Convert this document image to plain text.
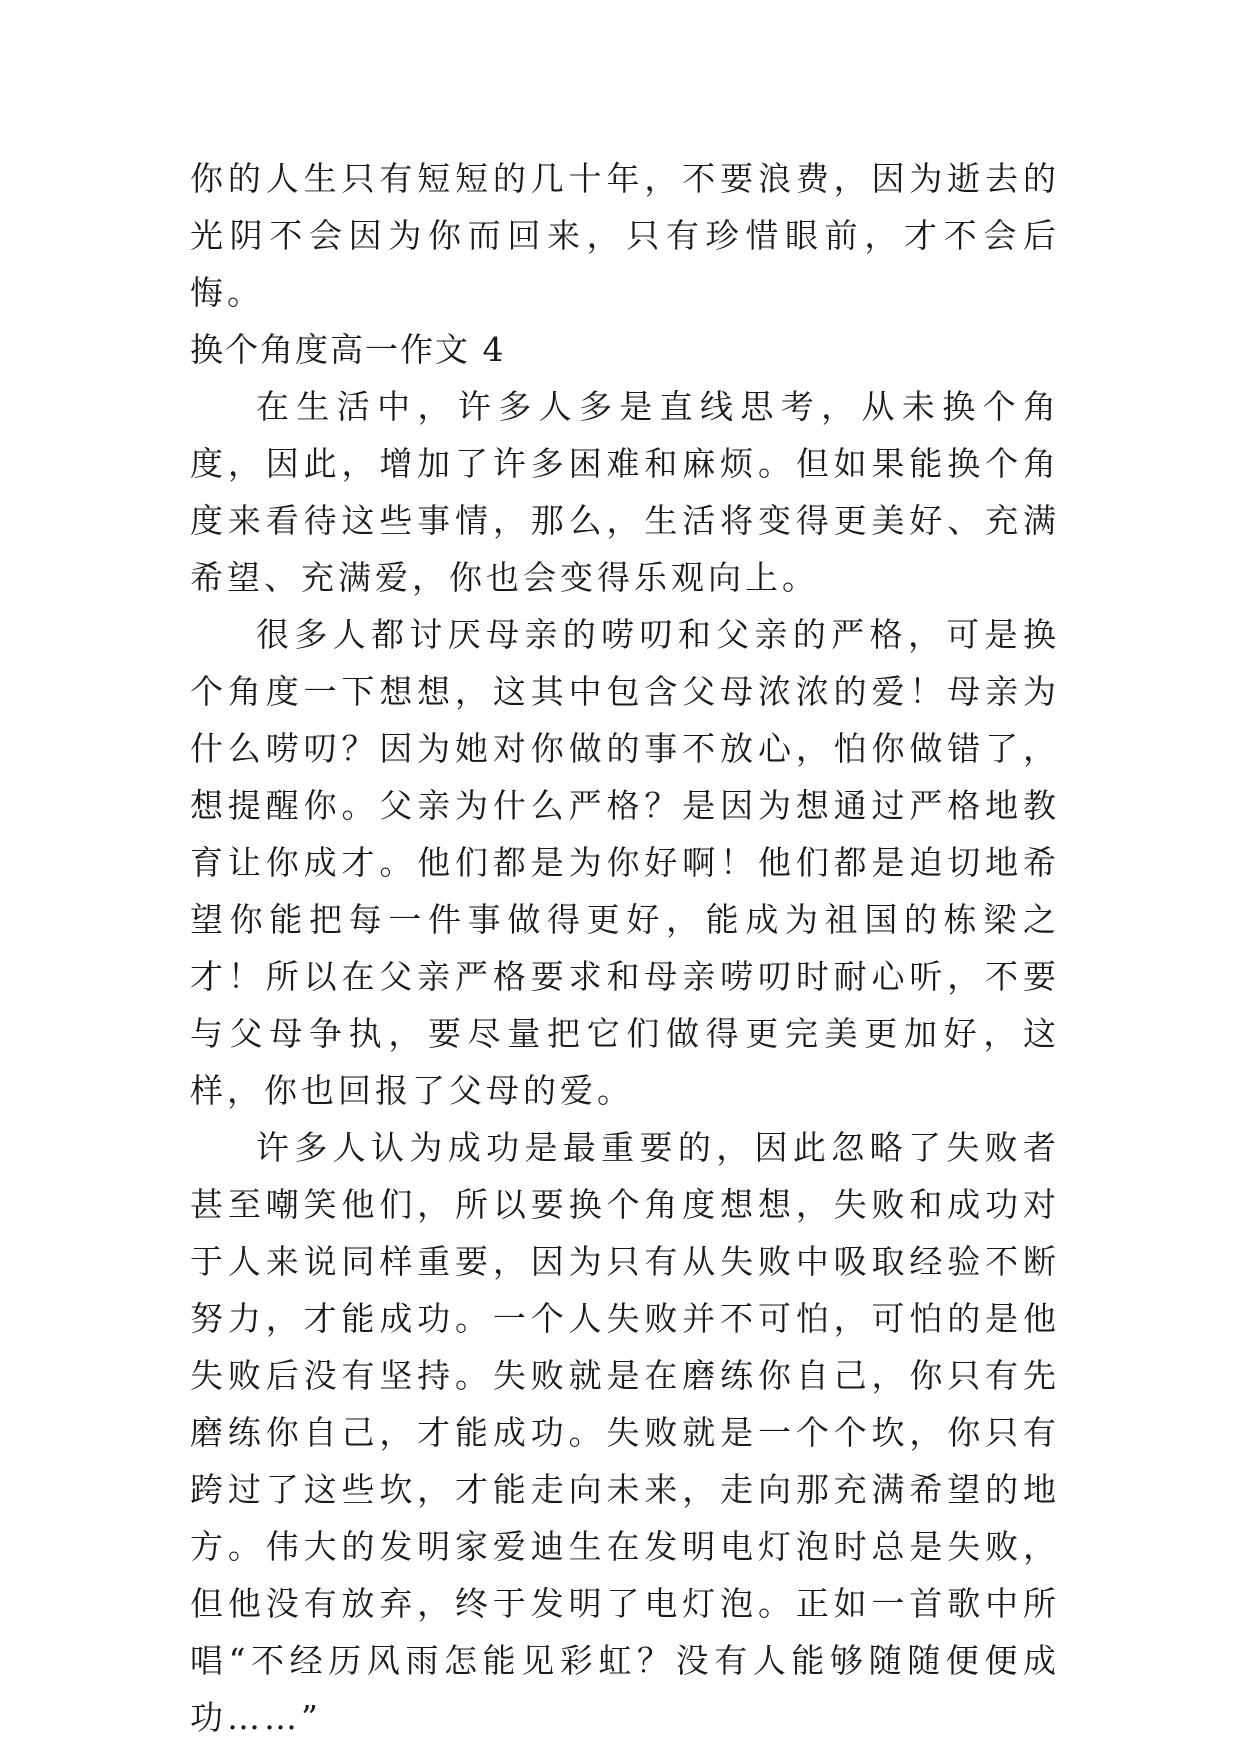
你的人生只有短短的几十年，不要浪费，因为逝去的光阴不会因为你而回来，只有珍惜眼前，才不会后悔。

换个角度高一作文 4

在生活中，许多人多是直线思考，从未换个角度，因此，增加了许多困难和麻烦。但如果能换个角度来看待这些事情，那么，生活将变得更美好、充满希望、充满爱，你也会变得乐观向上。

很多人都讨厌母亲的唠叨和父亲的严格，可是换个角度一下想想，这其中包含父母浓浓的爱！母亲为什么唠叨？因为她对你做的事不放心，怕你做错了，想提醒你。父亲为什么严格？是因为想通过严格地教育让你成才。他们都是为你好啊！他们都是迫切地希望你能把每一件事做得更好，能成为祖国的栋梁之才！所以在父亲严格要求和母亲唠叨时耐心听，不要与父母争执，要尽量把它们做得更完美更加好，这样，你也回报了父母的爱。

许多人认为成功是最重要的，因此忽略了失败者甚至嘲笑他们，所以要换个角度想想，失败和成功对于人来说同样重要，因为只有从失败中吸取经验不断努力，才能成功。一个人失败并不可怕，可怕的是他失败后没有坚持。失败就是在磨练你自己，你只有先磨练你自己，才能成功。失败就是一个个坎，你只有跨过了这些坎，才能走向未来，走向那充满希望的地方。伟大的发明家爱迪生在发明电灯泡时总是失败，但他没有放弃，终于发明了电灯泡。正如一首歌中所唱“不经历风雨怎能见彩虹？没有人能够随随便便成功……”
